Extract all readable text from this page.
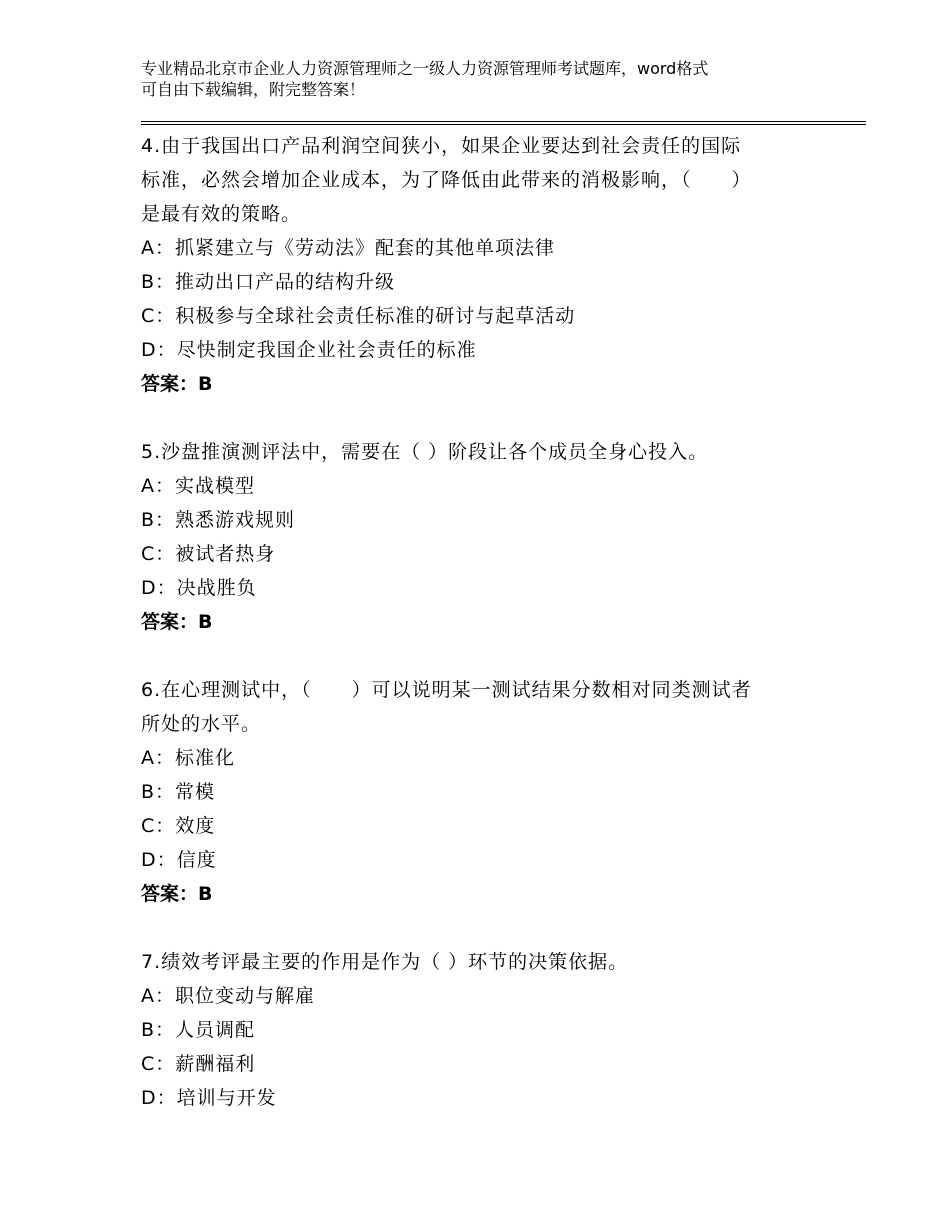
专业精品北京市企业人力资源管理师之一级人力资源管理师考试题库，word格式
可自由下载编辑，附完整答案！
4.由于我国出口产品利润空间狭小，如果企业要达到社会责任的国际
标准，必然会增加企业成本，为了降低由此带来的消极影响，（　　）
是最有效的策略。
A：抓紧建立与《劳动法》配套的其他单项法律
B：推动出口产品的结构升级
C：积极参与全球社会责任标准的研讨与起草活动
D：尽快制定我国企业社会责任的标准
答案：B
5.沙盘推演测评法中，需要在（ ）阶段让各个成员全身心投入。
A：实战模型
B：熟悉游戏规则
C：被试者热身
D：决战胜负
答案：B
6.在心理测试中，（　　）可以说明某一测试结果分数相对同类测试者
所处的水平。
A：标准化
B：常模
C：效度
D：信度
答案：B
7.绩效考评最主要的作用是作为（ ）环节的决策依据。
A：职位变动与解雇
B：人员调配
C：薪酬福利
D：培训与开发
